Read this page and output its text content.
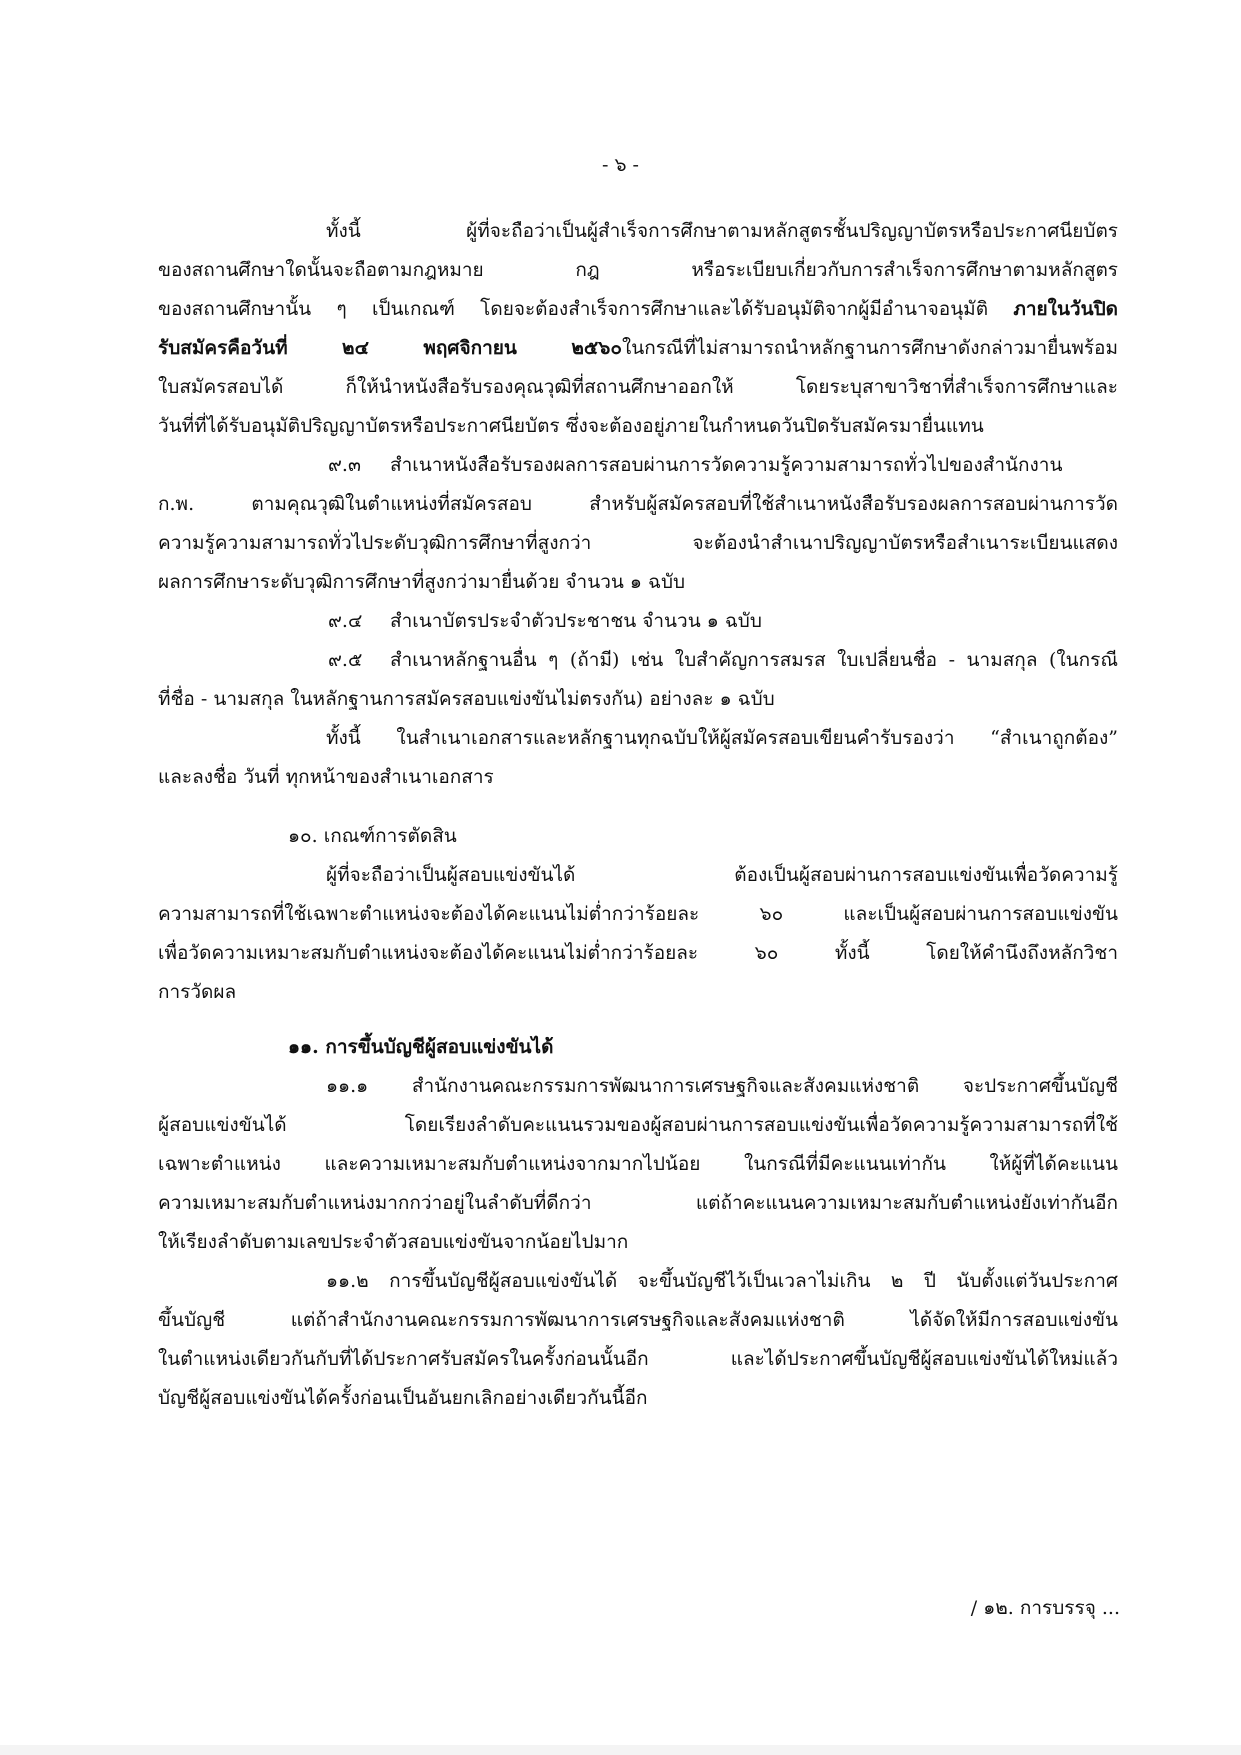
- ๖ -
ทั้งนี้ ผู้ที่จะถือว่าเป็นผู้สำเร็จการศึกษาตามหลักสูตรชั้นปริญญาบัตรหรือประกาศนียบัตร
ของสถานศึกษาใดนั้นจะถือตามกฎหมาย กฎ หรือระเบียบเกี่ยวกับการสำเร็จการศึกษาตามหลักสูตร
ของสถานศึกษานั้น ๆ เป็นเกณฑ์ โดยจะต้องสำเร็จการศึกษาและได้รับอนุมัติจากผู้มีอำนาจอนุมัติ ภายในวันปิด
รับสมัครคือวันที่ ๒๔ พฤศจิกายน ๒๕๖๐ในกรณีที่ไม่สามารถนำหลักฐานการศึกษาดังกล่าวมายื่นพร้อม
ใบสมัครสอบได้ ก็ให้นำหนังสือรับรองคุณวุฒิที่สถานศึกษาออกให้ โดยระบุสาขาวิชาที่สำเร็จการศึกษาและ
วันที่ที่ได้รับอนุมัติปริญญาบัตรหรือประกาศนียบัตร ซึ่งจะต้องอยู่ภายในกำหนดวันปิดรับสมัครมายื่นแทน
๙.๓ สำเนาหนังสือรับรองผลการสอบผ่านการวัดความรู้ความสามารถทั่วไปของสำนักงาน
ก.พ. ตามคุณวุฒิในตำแหน่งที่สมัครสอบ สำหรับผู้สมัครสอบที่ใช้สำเนาหนังสือรับรองผลการสอบผ่านการวัด
ความรู้ความสามารถทั่วไประดับวุฒิการศึกษาที่สูงกว่า จะต้องนำสำเนาปริญญาบัตรหรือสำเนาระเบียนแสดง
ผลการศึกษาระดับวุฒิการศึกษาที่สูงกว่ามายื่นด้วย จำนวน ๑ ฉบับ
๙.๔ สำเนาบัตรประจำตัวประชาชน จำนวน ๑ ฉบับ
๙.๕ สำเนาหลักฐานอื่น ๆ (ถ้ามี) เช่น ใบสำคัญการสมรส ใบเปลี่ยนชื่อ - นามสกุล (ในกรณี
ที่ชื่อ - นามสกุล ในหลักฐานการสมัครสอบแข่งขันไม่ตรงกัน) อย่างละ ๑ ฉบับ
ทั้งนี้ ในสำเนาเอกสารและหลักฐานทุกฉบับให้ผู้สมัครสอบเขียนคำรับรองว่า “สำเนาถูกต้อง”
และลงชื่อ วันที่ ทุกหน้าของสำเนาเอกสาร
๑๐. เกณฑ์การตัดสิน
ผู้ที่จะถือว่าเป็นผู้สอบแข่งขันได้ ต้องเป็นผู้สอบผ่านการสอบแข่งขันเพื่อวัดความรู้
ความสามารถที่ใช้เฉพาะตำแหน่งจะต้องได้คะแนนไม่ต่ำกว่าร้อยละ ๖๐ และเป็นผู้สอบผ่านการสอบแข่งขัน
เพื่อวัดความเหมาะสมกับตำแหน่งจะต้องได้คะแนนไม่ต่ำกว่าร้อยละ ๖๐ ทั้งนี้ โดยให้คำนึงถึงหลักวิชา
การวัดผล
๑๑. การขึ้นบัญชีผู้สอบแข่งขันได้
๑๑.๑ สำนักงานคณะกรรมการพัฒนาการเศรษฐกิจและสังคมแห่งชาติ จะประกาศขึ้นบัญชี
ผู้สอบแข่งขันได้ โดยเรียงลำดับคะแนนรวมของผู้สอบผ่านการสอบแข่งขันเพื่อวัดความรู้ความสามารถที่ใช้
เฉพาะตำแหน่ง และความเหมาะสมกับตำแหน่งจากมากไปน้อย ในกรณีที่มีคะแนนเท่ากัน ให้ผู้ที่ได้คะแนน
ความเหมาะสมกับตำแหน่งมากกว่าอยู่ในลำดับที่ดีกว่า แต่ถ้าคะแนนความเหมาะสมกับตำแหน่งยังเท่ากันอีก
ให้เรียงลำดับตามเลขประจำตัวสอบแข่งขันจากน้อยไปมาก
๑๑.๒ การขึ้นบัญชีผู้สอบแข่งขันได้ จะขึ้นบัญชีไว้เป็นเวลาไม่เกิน ๒ ปี นับตั้งแต่วันประกาศ
ขึ้นบัญชี แต่ถ้าสำนักงานคณะกรรมการพัฒนาการเศรษฐกิจและสังคมแห่งชาติ ได้จัดให้มีการสอบแข่งขัน
ในตำแหน่งเดียวกันกับที่ได้ประกาศรับสมัครในครั้งก่อนนั้นอีก และได้ประกาศขึ้นบัญชีผู้สอบแข่งขันได้ใหม่แล้ว
บัญชีผู้สอบแข่งขันได้ครั้งก่อนเป็นอันยกเลิกอย่างเดียวกันนี้อีก
/ ๑๒. การบรรจุ ...
